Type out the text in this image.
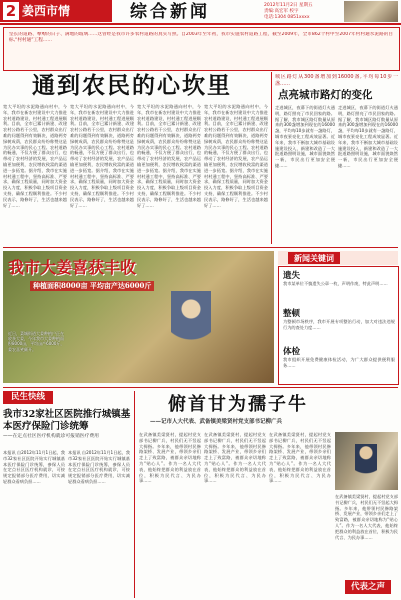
2 姜西市情	综合新闻	2012年11月2日 星期五
责编:高宏军 校字
电话:1304 0851xxxx
坚长的道路、嘹嘹的日子、满地的玻璃……这曾经是我市许多农村道路的真实写照。自2003年至年初，我市实施农村道路工程，截至2009年，全市862个村中至2007年村村通水泥路的目标,“村村通”工程……
通到农民的心坎里
宽大平坦的水泥路通向村中，今年，我市在新农村建设中大力推进农村道路建设，村村通工程进展顺利。目前，全市已累计新建、改建农村公路若干公里，农村群众出行难的问题得到有效解决，道路两旁绿树成荫，农民群众纷纷称赞这是为民办实事的民心工程。农村道路的畅通，不仅方便了群众出行，也带动了农村经济的发展，农产品运输更加便利，农民增收致富的渠道进一步拓宽。据介绍，我市在实施村村通工程中，坚持高标准、严要求，确保工程质量，同时加大资金投入力度，积极争取上级项目资金支持，确保工程顺利推进。不少村民表示，路修好了，生活也越来越好了……
宽大平坦的水泥路通向村中，今年，我市在新农村建设中大力推进农村道路建设，村村通工程进展顺利。目前，全市已累计新建、改建农村公路若干公里，农村群众出行难的问题得到有效解决，道路两旁绿树成荫，农民群众纷纷称赞这是为民办实事的民心工程。农村道路的畅通，不仅方便了群众出行，也带动了农村经济的发展，农产品运输更加便利，农民增收致富的渠道进一步拓宽。据介绍，我市在实施村村通工程中，坚持高标准、严要求，确保工程质量，同时加大资金投入力度，积极争取上级项目资金支持，确保工程顺利推进。不少村民表示，路修好了，生活也越来越好了……
宽大平坦的水泥路通向村中，今年，我市在新农村建设中大力推进农村道路建设，村村通工程进展顺利。目前，全市已累计新建、改建农村公路若干公里，农村群众出行难的问题得到有效解决，道路两旁绿树成荫，农民群众纷纷称赞这是为民办实事的民心工程。农村道路的畅通，不仅方便了群众出行，也带动了农村经济的发展，农产品运输更加便利，农民增收致富的渠道进一步拓宽。据介绍，我市在实施村村通工程中，坚持高标准、严要求，确保工程质量，同时加大资金投入力度，积极争取上级项目资金支持，确保工程顺利推进。不少村民表示，路修好了，生活也越来越好了……
宽大平坦的水泥路通向村中，今年，我市在新农村建设中大力推进农村道路建设，村村通工程进展顺利。目前，全市已累计新建、改建农村公路若干公里，农村群众出行难的问题得到有效解决，道路两旁绿树成荫，农民群众纷纷称赞这是为民办实事的民心工程。农村道路的畅通，不仅方便了群众出行，也带动了农村经济的发展，农产品运输更加便利，农民增收致富的渠道进一步拓宽。据介绍，我市在实施村村通工程中，坚持高标准、严要求，确保工程质量，同时加大资金投入力度，积极争取上级项目资金支持，确保工程顺利推进。不少村民表示，路修好了，生活也越来越好了……
城区路灯从300盏增加到16000盏,平均每10步一盏……
点亮城市路灯的变化
走进城区，夜幕下的街道灯火通明，路灯照亮了市民回家的路。据了解，我市城区路灯数量从原来的300盏增加到现在的16000盏，平均每10步就有一盏路灯，城市夜景亮化工程成效显著。近年来，我市不断加大城市基础设施建设投入，新建和改造了一大批道路照明设施，城市面貌焕然一新，市民出行更加安全便捷……
走进城区，夜幕下的街道灯火通明，路灯照亮了市民回家的路。据了解，我市城区路灯数量从原来的300盏增加到现在的16000盏，平均每10步就有一盏路灯，城市夜景亮化工程成效显著。近年来，我市不断加大城市基础设施建设投入，新建和改造了一大批道路照明设施，城市面貌焕然一新，市民出行更加安全便捷……
近日，菜城街道大姜种植户正在收获大姜，今年我市大姜种植面积8000亩，平均亩产6000斤，姜农喜笑颜开。
我市大姜喜获丰收
种植面积8000亩 平均亩产达6000斤
新闻关键词
遗失
我市某单位不慎遗失公章一枚，声明作废，特此声明……
整顿
为整顿市场秩序，我市开展专项整治行动，加大对违法违规行为的查处力度……
体检
我市组织开展免费健康体检活动，为广大群众提供便利服务……
民生快线
我市32家社区医院推行城镇基本医疗保险门诊统筹
——在定点社区医疗机构就诊可报销医疗费用
本报讯 自2012年11月1日起，我市32家社区医院开始实行城镇基本医疗保险门诊统筹，参保人员在定点社区医疗机构就诊，可按规定报销部分医疗费用，切实减轻群众看病负担……
本报讯 自2012年11月1日起，我市32家社区医院开始实行城镇基本医疗保险门诊统筹，参保人员在定点社区医疗机构就诊，可按规定报销部分医疗费用，切实减轻群众看病负担……
俯首甘为孺子牛
——记市人大代表、武备镇美梁贤村党支部书记柳广兵
在武备镇美梁贤村，提起村党支部书记柳广兵，村民们无不竖起大拇指。多年来，他带领村民修路架桥、发展产业，带领乡亲们走上了致富路，被群众亲切地称为“贴心人”。作为一名人大代表，他始终把群众的利益放在首位，积极为民代言、为民办事……
在武备镇美梁贤村，提起村党支部书记柳广兵，村民们无不竖起大拇指。多年来，他带领村民修路架桥、发展产业，带领乡亲们走上了致富路，被群众亲切地称为“贴心人”。作为一名人大代表，他始终把群众的利益放在首位，积极为民代言、为民办事……
在武备镇美梁贤村，提起村党支部书记柳广兵，村民们无不竖起大拇指。多年来，他带领村民修路架桥、发展产业，带领乡亲们走上了致富路，被群众亲切地称为“贴心人”。作为一名人大代表，他始终把群众的利益放在首位，积极为民代言、为民办事……
在武备镇美梁贤村，提起村党支部书记柳广兵，村民们无不竖起大拇指。多年来，他带领村民修路架桥、发展产业，带领乡亲们走上了致富路，被群众亲切地称为“贴心人”。作为一名人大代表，他始终把群众的利益放在首位，积极为民代言、为民办事……
代表之声
